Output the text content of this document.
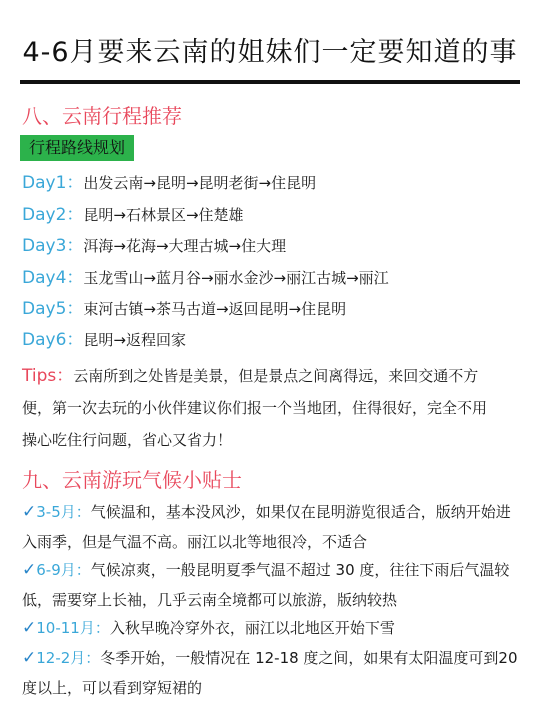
4-6月要来云南的姐妹们一定要知道的事
八、云南行程推荐
行程路线规划
Day1：出发云南→昆明→昆明老街→住昆明
Day2：昆明→石林景区→住楚雄
Day3：洱海→花海→大理古城→住大理
Day4：玉龙雪山→蓝月谷→丽水金沙→丽江古城→丽江
Day5：束河古镇→茶马古道→返回昆明→住昆明
Day6：昆明→返程回家
Tips：云南所到之处皆是美景，但是景点之间离得远，来回交通不方便，第一次去玩的小伙伴建议你们报一个当地团，住得很好，完全不用操心吃住行问题，省心又省力！
九、云南游玩气候小贴士
✓3-5月：气候温和，基本没风沙，如果仅在昆明游览很适合，版纳开始进入雨季，但是气温不高。丽江以北等地很冷，不适合
✓6-9月：气候凉爽，一般昆明夏季气温不超过 30 度，往往下雨后气温较低，需要穿上长袖，几乎云南全境都可以旅游，版纳较热
✓10-11月：入秋早晚冷穿外衣，丽江以北地区开始下雪
✓12-2月：冬季开始，一般情况在 12-18 度之间，如果有太阳温度可到20度以上，可以看到穿短裙的
